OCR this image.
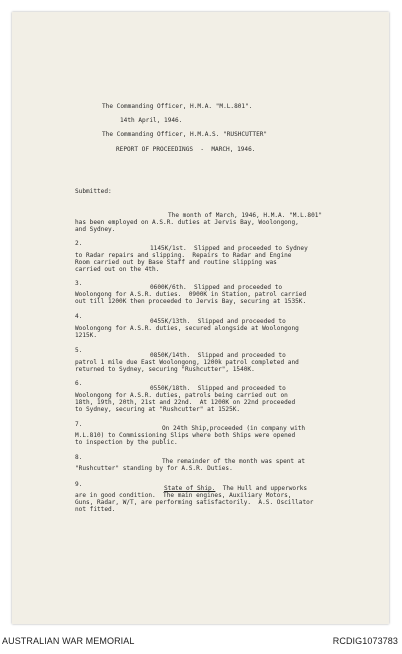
The Commanding Officer, H.M.A. "M.L.801".
14th April, 1946.
The Commanding Officer, H.M.A.S. "RUSHCUTTER"
REPORT OF PROCEEDINGS  -  MARCH, 1946.
Submitted:
The month of March, 1946, H.M.A. "M.L.801"
has been employed on A.S.R. duties at Jervis Bay, Woolongong,
and Sydney.
2.
1145K/1st.  Slipped and proceeded to Sydney
to Radar repairs and slipping.  Repairs to Radar and Engine
Room carried out by Base Staff and routine slipping was
carried out on the 4th.
3.
0600K/6th.  Slipped and proceeded to
Woolongong for A.S.R. duties.  0900K in Station, patrol carried
out till 1200K then proceeded to Jervis Bay, securing at 1535K.
4.
0455K/13th.  Slipped and proceeded to
Woolongong for A.S.R. duties, secured alongside at Woolongong
1215K.
5.
0850K/14th.  Slipped and proceeded to
patrol 1 mile due East Woolongong, 1200k patrol completed and
returned to Sydney, securing "Rushcutter", 1540K.
6.
0550K/18th.  Slipped and proceeded to
Woolongong for A.S.R. duties, patrols being carried out on
18th, 19th, 20th, 21st and 22nd.  At 1200K on 22nd proceeded
to Sydney, securing at "Rushcutter" at 1525K.
7.
On 24th Ship,proceeded (in company with
M.L.810) to Commissioning Slips where both Ships were opened
to inspection by the public.
8.
The remainder of the month was spent at
"Rushcutter" standing by for A.S.R. Duties.
9.
State of Ship.  The Hull and upperworks
are in good condition.  The main engines, Auxiliary Motors,
Guns, Radar, W/T, are performing satisfactorily.  A.S. Oscillator
not fitted.
AUSTRALIAN WAR MEMORIAL	RCDIG1073783
